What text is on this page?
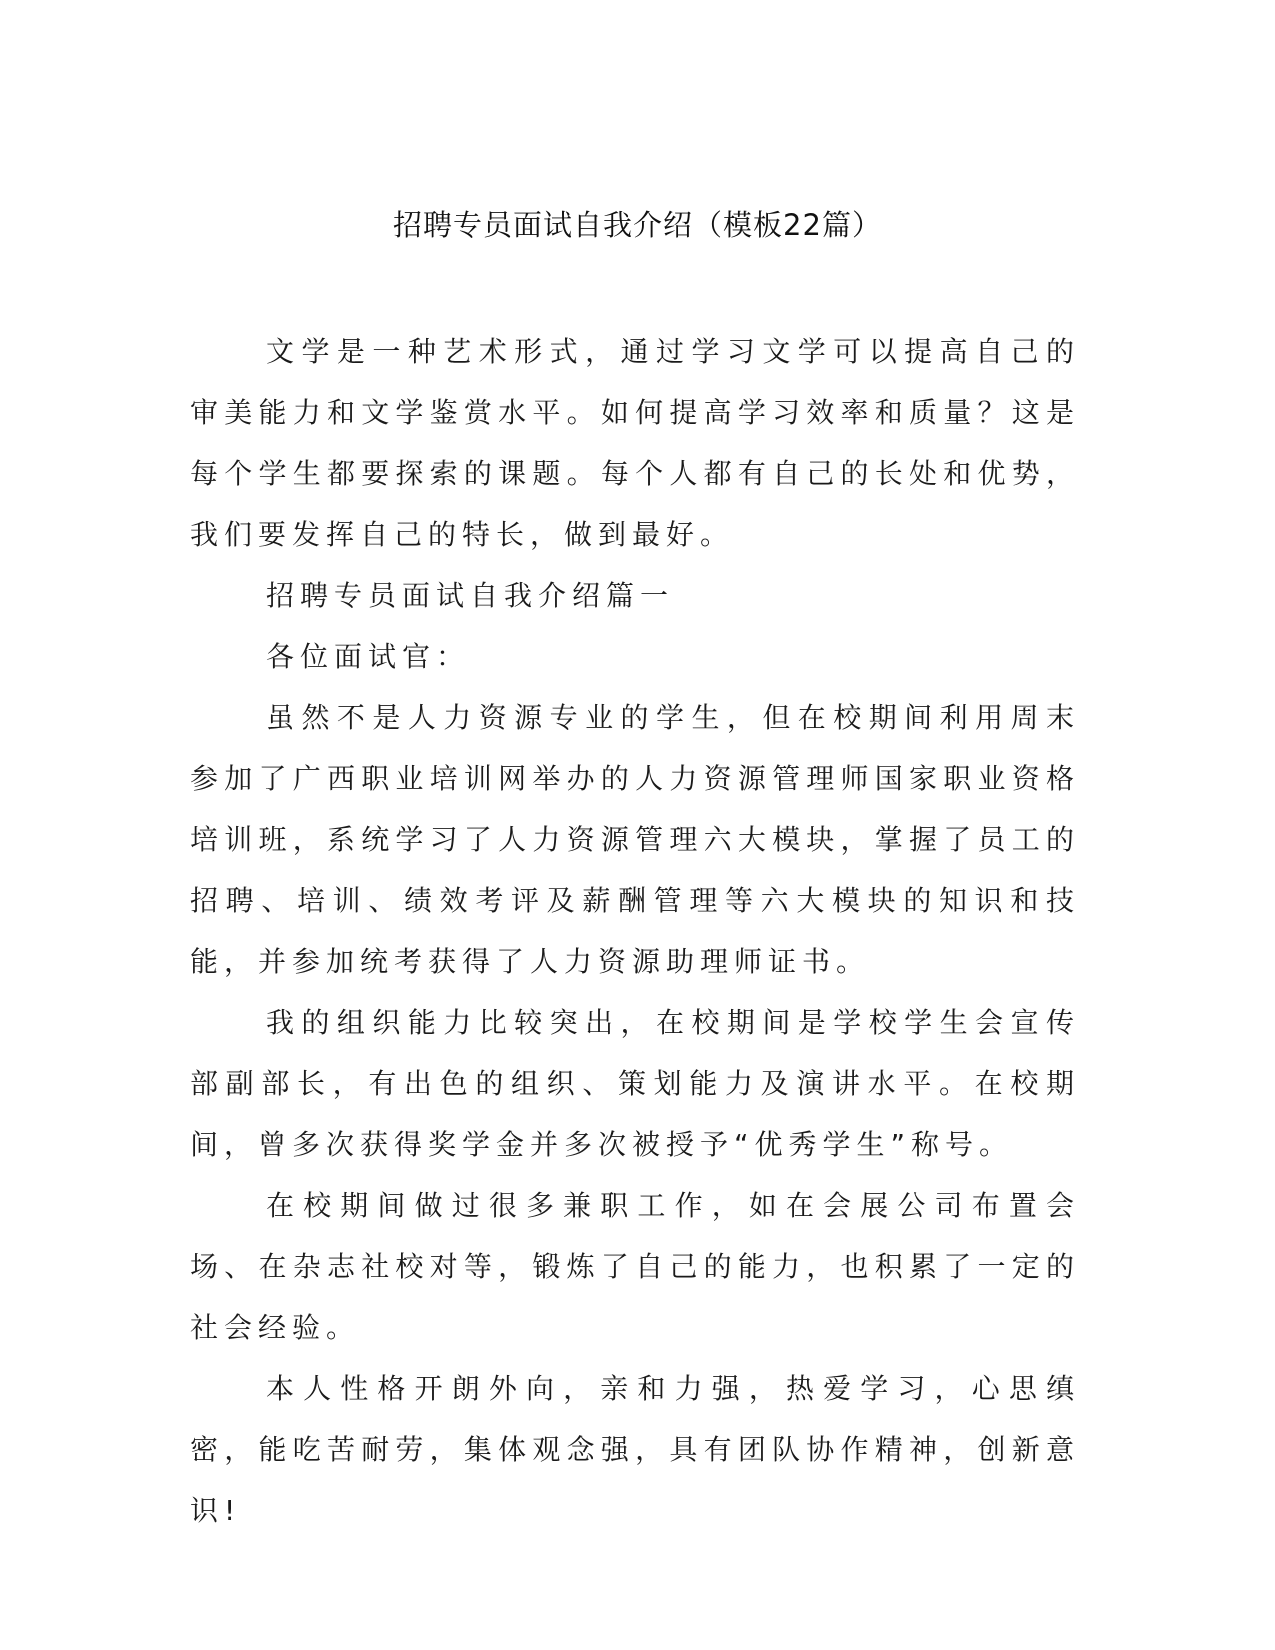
招聘专员面试自我介绍（模板22篇）

文学是一种艺术形式，通过学习文学可以提高自己的审美能力和文学鉴赏水平。如何提高学习效率和质量？这是每个学生都要探索的课题。每个人都有自己的长处和优势，我们要发挥自己的特长，做到最好。

招聘专员面试自我介绍篇一

各位面试官：

虽然不是人力资源专业的学生，但在校期间利用周末参加了广西职业培训网举办的人力资源管理师国家职业资格培训班，系统学习了人力资源管理六大模块，掌握了员工的招聘、培训、绩效考评及薪酬管理等六大模块的知识和技能，并参加统考获得了人力资源助理师证书。

我的组织能力比较突出，在校期间是学校学生会宣传部副部长，有出色的组织、策划能力及演讲水平。在校期间，曾多次获得奖学金并多次被授予“优秀学生”称号。

在校期间做过很多兼职工作，如在会展公司布置会场、在杂志社校对等，锻炼了自己的能力，也积累了一定的社会经验。

本人性格开朗外向，亲和力强，热爱学习，心思缜密，能吃苦耐劳，集体观念强，具有团队协作精神，创新意识!
